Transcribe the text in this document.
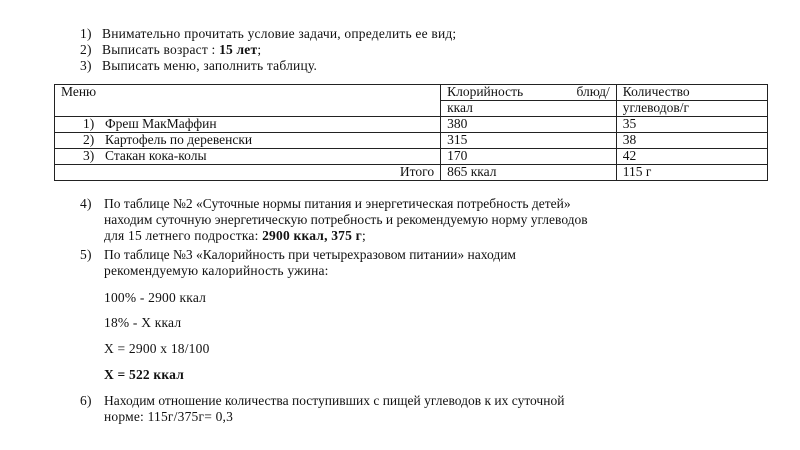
1) Внимательно прочитать условие задачи, определить ее вид;
2) Выписать возраст : 15 лет;
3) Выписать меню, заполнить таблицу.
Меню	Клорийность блюд/	Количество
	ккал	углеводов/г
1) Фреш МакМаффин	380	35
2) Картофель по деревенски	315	38
3) Стакан кока-колы	170	42
Итого	865 ккал	115 г
4) По таблице №2 «Суточные нормы питания и энергетическая потребность детей»
находим суточную энергетическую потребность и рекомендуемую норму углеводов
для 15 летнего подростка: 2900 ккал, 375 г;
5) По таблице №3 «Калорийность при четырехразовом питании» находим
рекомендуемую калорийность ужина:
100% - 2900 ккал
18% - Х ккал
Х = 2900 х 18/100
Х = 522 ккал
6) Находим отношение количества поступивших с пищей углеводов к их суточной
норме: 115г/375г= 0,3
